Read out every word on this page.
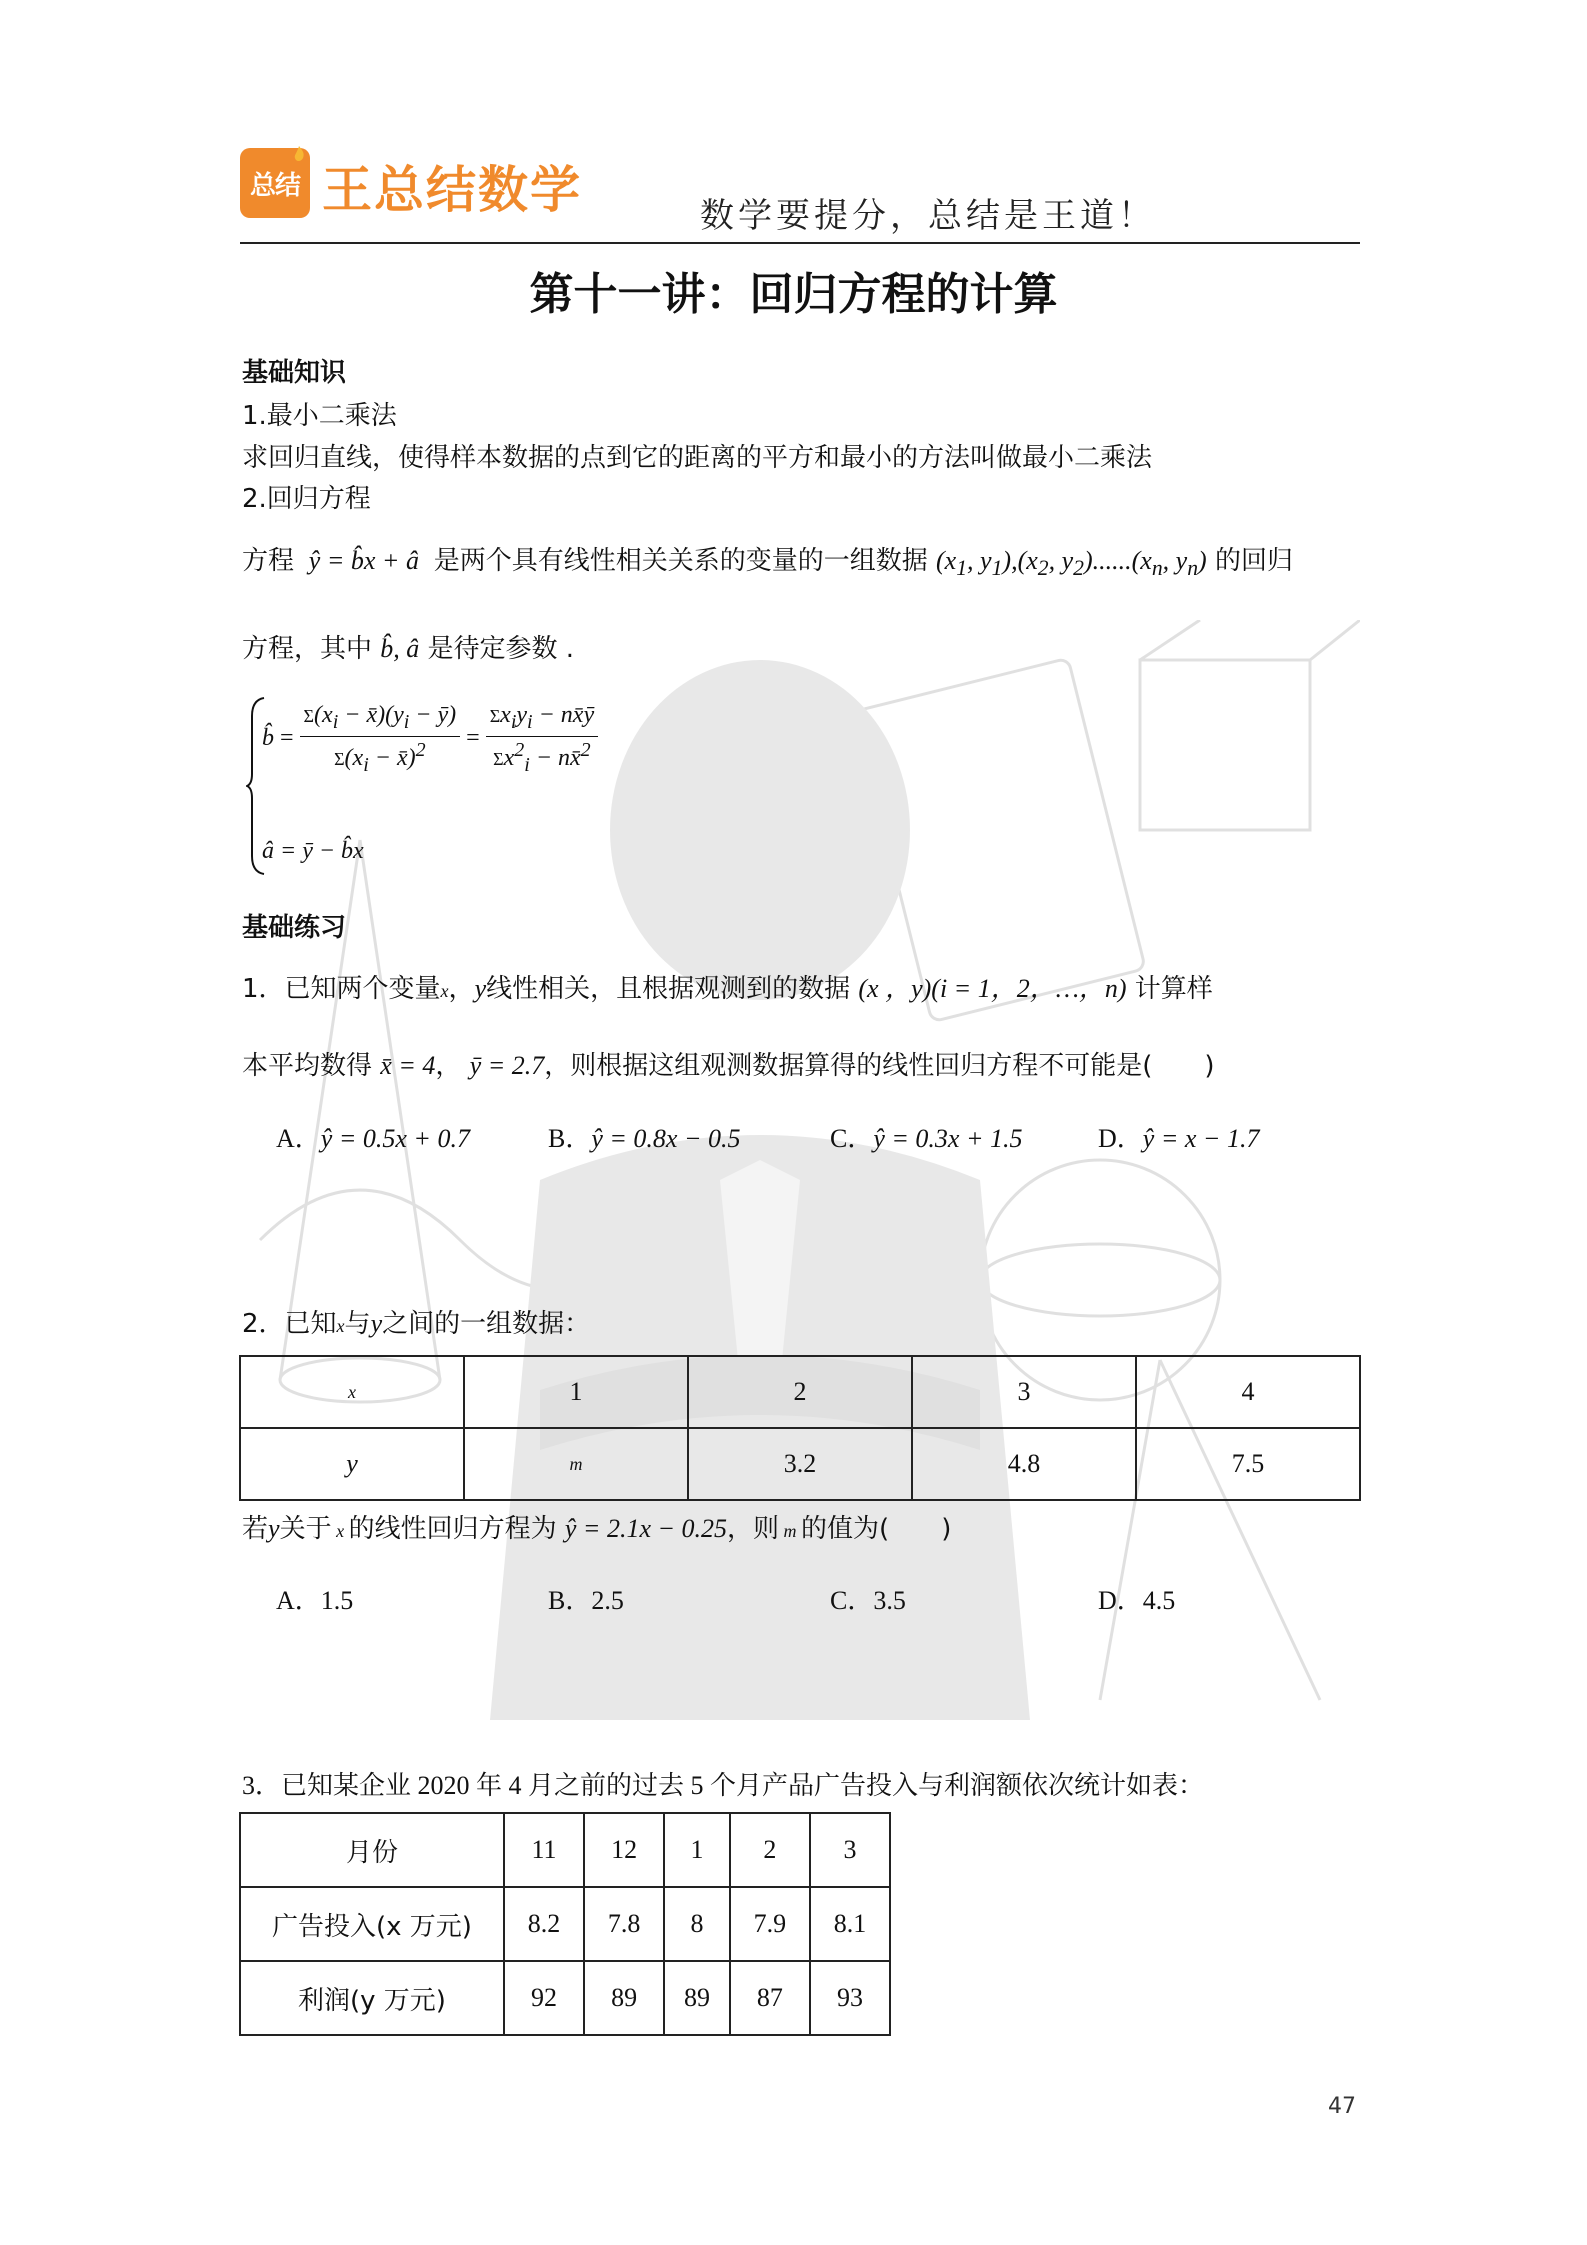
总结 王总结数学	数学要提分，总结是王道！
第十一讲：回归方程的计算
基础知识
1.最小二乘法
求回归直线，使得样本数据的点到它的距离的平方和最小的方法叫做最小二乘法
2.回归方程
方程  ŷ = b̂x + â  是两个具有线性相关关系的变量的一组数据 ($x_1$, $y_1),(x_2$, $y_2)......(x_n$, $y_n$) 的回归
方程，其中 b̂, â 是待定参数 .
b̂ = $\frac{\Sigma(x_i - x̄)(y_i - ȳ)}{\Sigma(x_i - x̄)^2} = \frac{\Sigma x_iy_i - nx̄ȳ}{\Sigma x^2_i - nx̄^2}$
â = ȳ − b̂x
基础练习
1．已知两个变量x，y线性相关，且根据观测到的数据 (x ，y)(i = 1，2，…，n) 计算样
本平均数得 x̄ = 4， ȳ = 2.7，则根据这组观测数据算得的线性回归方程不可能是(　　)
A．ŷ = 0.5x + 0.7	B．ŷ = 0.8x − 0.5	C．ŷ = 0.3x + 1.5	D．ŷ = x − 1.7
2．已知x与y之间的一组数据：
x	1	2	3	4
y	m	3.2	4.8	7.5
若y关于 x 的线性回归方程为 ŷ = 2.1x − 0.25，则 m 的值为(　　)
A．1.5	B．2.5	C．3.5	D．4.5
3．已知某企业 2020 年 4 月之前的过去 5 个月产品广告投入与利润额依次统计如表：
月份	11	12	1	2	3
广告投入(x 万元)	8.2	7.8	8	7.9	8.1
利润(y 万元)	92	89	89	87	93
47
